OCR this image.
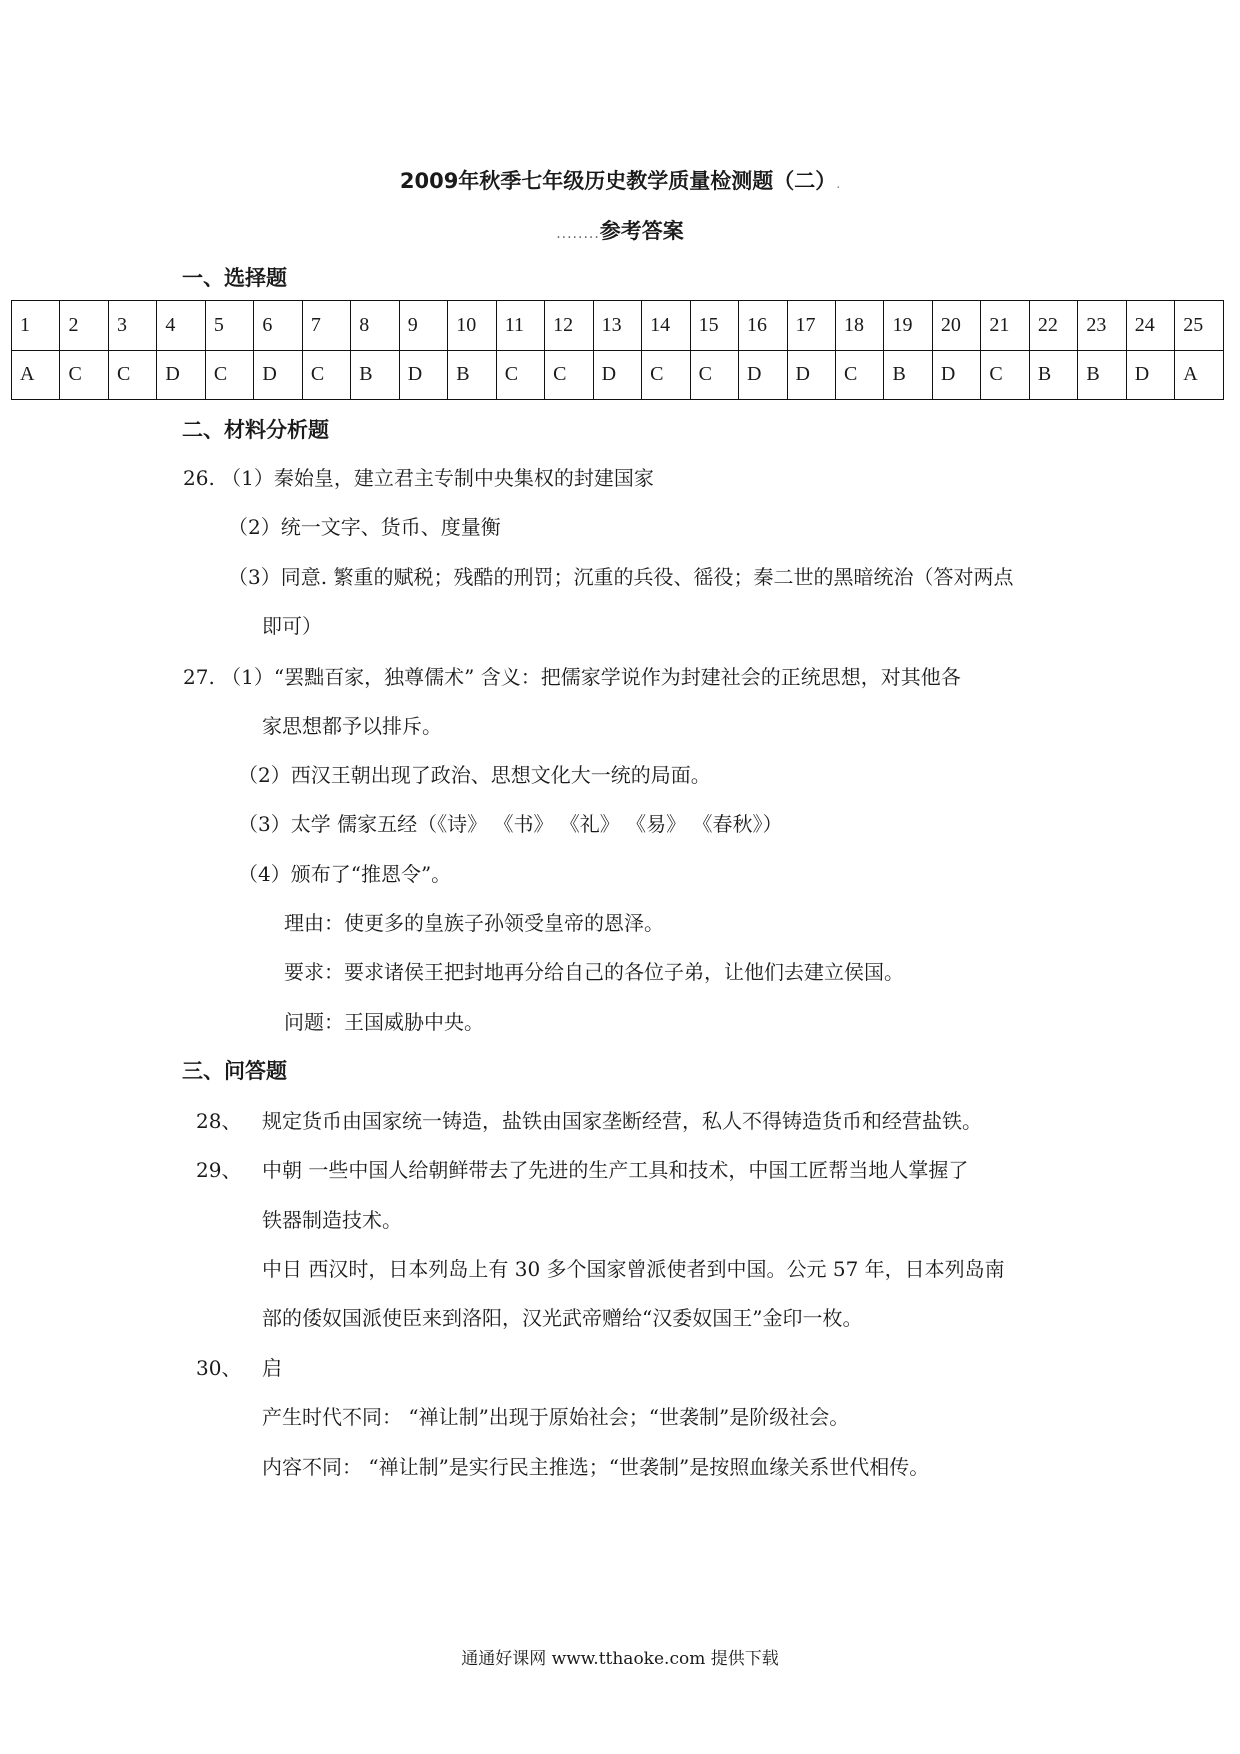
2009年秋季七年级历史教学质量检测题（二）.
........参考答案
一、选择题
1	2	3	4	5	6	7	8	9	10	11	12	13	14	15	16	17	18	19	20	21	22	23	24	25
A	C	C	D	C	D	C	B	D	B	C	C	D	C	C	D	D	C	B	D	C	B	B	D	A
二、材料分析题
26. （1）秦始皇，建立君主专制中央集权的封建国家
（2）统一文字、货币、度量衡
（3）同意. 繁重的赋税；残酷的刑罚；沉重的兵役、徭役；秦二世的黑暗统治（答对两点
即可）
27. （1）“罢黜百家，独尊儒术” 含义：把儒家学说作为封建社会的正统思想，对其他各
家思想都予以排斥。
（2）西汉王朝出现了政治、思想文化大一统的局面。
（3）太学 儒家五经（《诗》 《书》 《礼》 《易》 《春秋》）
（4）颁布了“推恩令”。
理由：使更多的皇族子孙领受皇帝的恩泽。
要求：要求诸侯王把封地再分给自己的各位子弟，让他们去建立侯国。
问题：王国威胁中央。
三、问答题
28、 规定货币由国家统一铸造，盐铁由国家垄断经营，私人不得铸造货币和经营盐铁。
29、 中朝 一些中国人给朝鲜带去了先进的生产工具和技术，中国工匠帮当地人掌握了
铁器制造技术。
中日 西汉时，日本列岛上有 30 多个国家曾派使者到中国。公元 57 年，日本列岛南
部的倭奴国派使臣来到洛阳，汉光武帝赠给“汉委奴国王”金印一枚。
30、 启
产生时代不同： “禅让制”出现于原始社会；“世袭制”是阶级社会。
内容不同： “禅让制”是实行民主推选；“世袭制”是按照血缘关系世代相传。
通通好课网 www.tthaoke.com 提供下载
